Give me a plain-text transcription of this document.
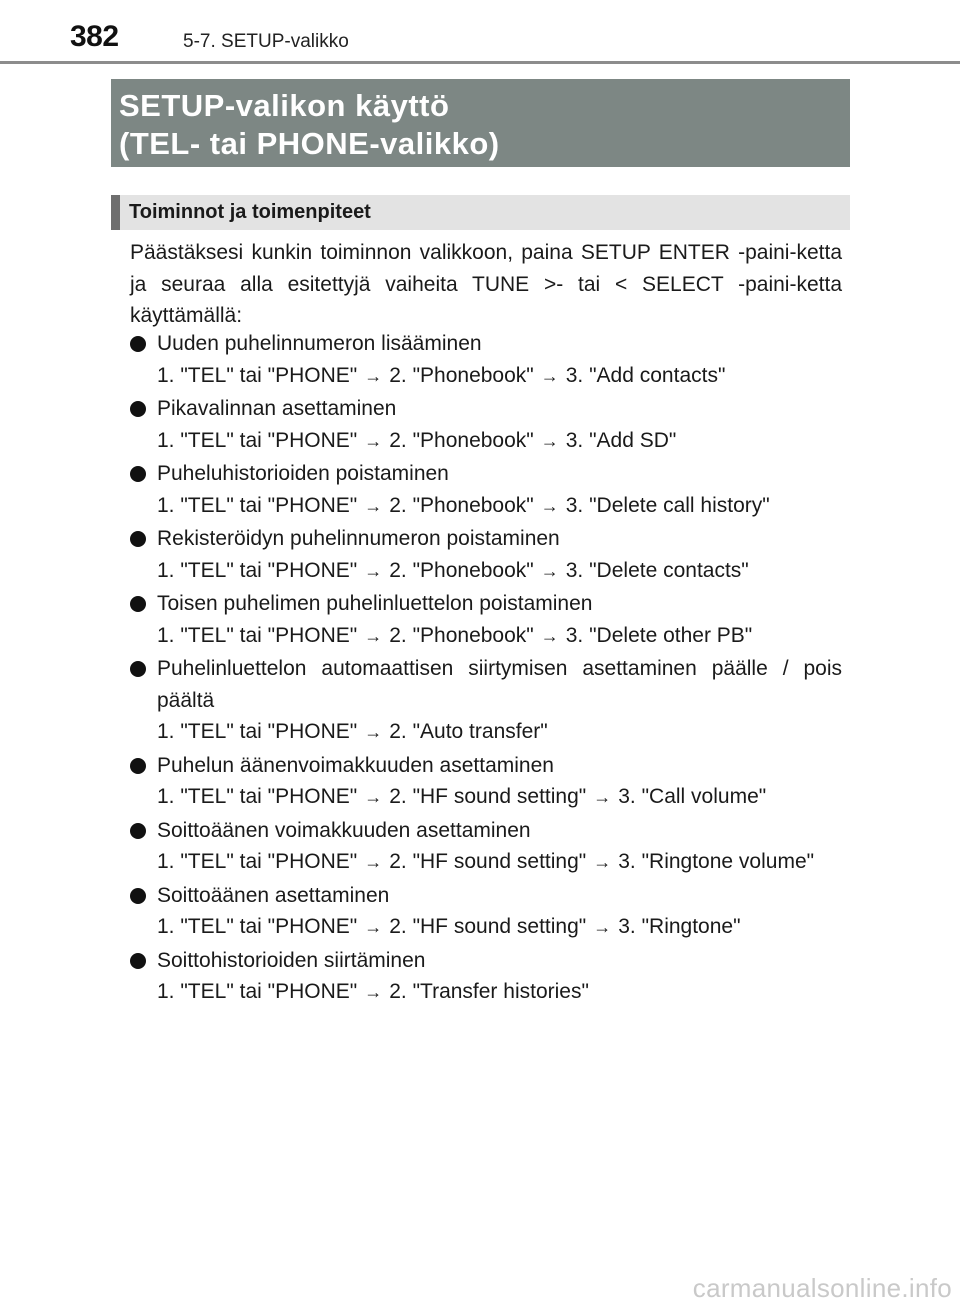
382	5-7. SETUP-valikko
SETUP-valikon käyttö
(TEL- tai PHONE-valikko)
Toiminnot ja toimenpiteet
Päästäksesi kunkin toiminnon valikkoon, paina SETUP ENTER -paini-ketta ja seuraa alla esitettyjä vaiheita TUNE >- tai < SELECT -paini-ketta käyttämällä:
Uuden puhelinnumeron lisääminen
1. "TEL" tai "PHONE" → 2. "Phonebook" → 3. "Add contacts"
Pikavalinnan asettaminen
1. "TEL" tai "PHONE" → 2. "Phonebook" → 3. "Add SD"
Puheluhistorioiden poistaminen
1. "TEL" tai "PHONE" → 2. "Phonebook" → 3. "Delete call history"
Rekisteröidyn puhelinnumeron poistaminen
1. "TEL" tai "PHONE" → 2. "Phonebook" → 3. "Delete contacts"
Toisen puhelimen puhelinluettelon poistaminen
1. "TEL" tai "PHONE" → 2. "Phonebook" → 3. "Delete other PB"
Puhelinluettelon automaattisen siirtymisen asettaminen päälle / pois päältä
1. "TEL" tai "PHONE" → 2. "Auto transfer"
Puhelun äänenvoimakkuuden asettaminen
1. "TEL" tai "PHONE" → 2. "HF sound setting" → 3. "Call volume"
Soittoäänen voimakkuuden asettaminen
1. "TEL" tai "PHONE" → 2. "HF sound setting" → 3. "Ringtone volume"
Soittoäänen asettaminen
1. "TEL" tai "PHONE" → 2. "HF sound setting" → 3. "Ringtone"
Soittohistorioiden siirtäminen
1. "TEL" tai "PHONE" → 2. "Transfer histories"
carmanualsonline.info
